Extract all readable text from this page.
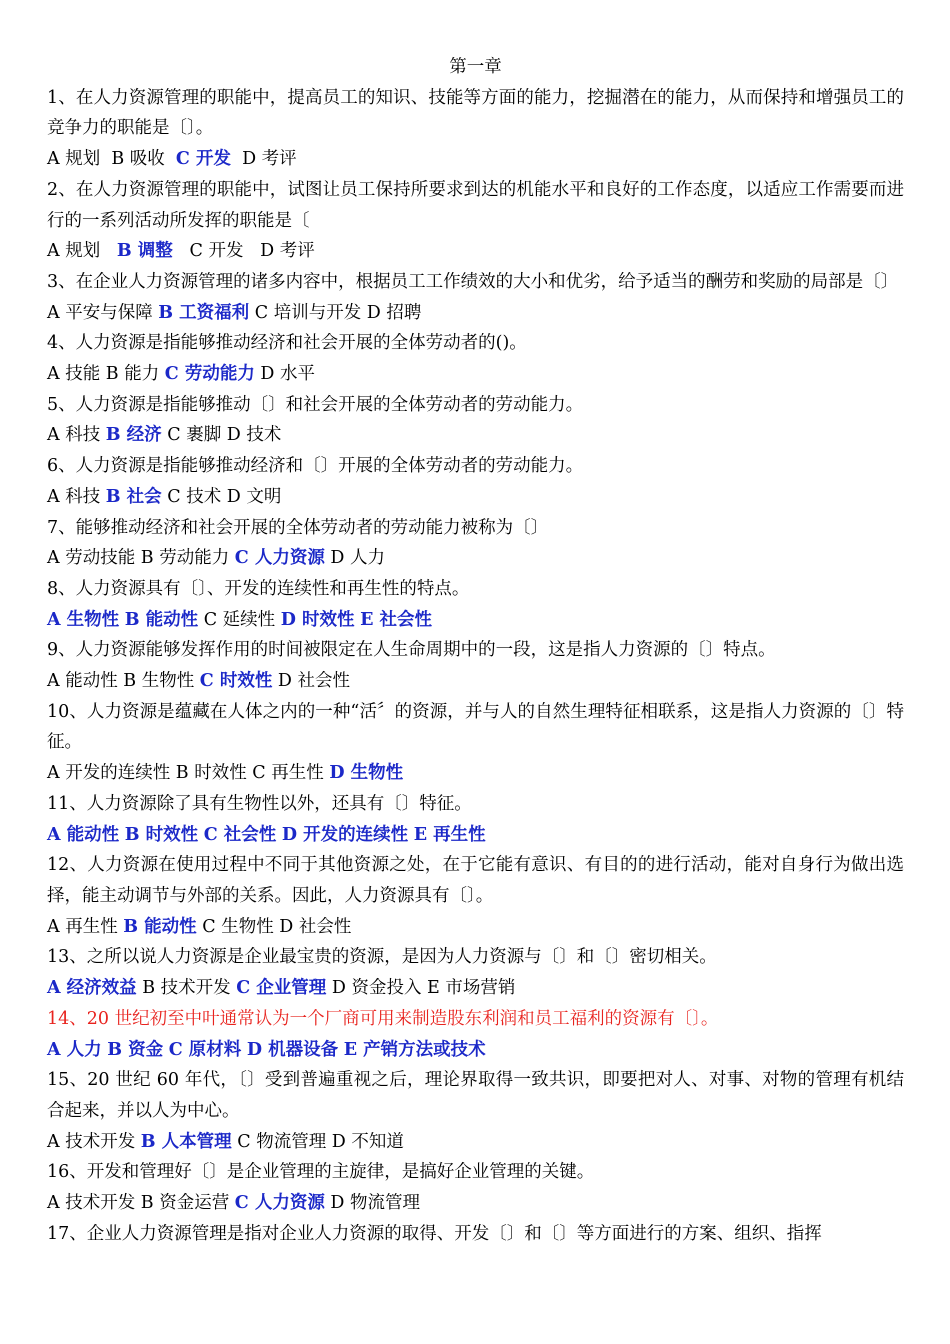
第一章
1、在人力资源管理的职能中，提高员工的知识、技能等方面的能力，挖掘潜在的能力，从而保持和增强员工的竞争力的职能是〔〕。
A 规划 B 吸收 C 开发 D 考评
2、在人力资源管理的职能中，试图让员工保持所要求到达的机能水平和良好的工作态度，以适应工作需要而进行的一系列活动所发挥的职能是〔
A 规划 B 调整 C 开发 D 考评
3、在企业人力资源管理的诸多内容中，根据员工工作绩效的大小和优劣，给予适当的酬劳和奖励的局部是〔〕
A 平安与保障 B 工资福利 C 培训与开发 D 招聘
4、人力资源是指能够推动经济和社会开展的全体劳动者的()。
A 技能 B 能力 C 劳动能力 D 水平
5、人力资源是指能够推动〔〕和社会开展的全体劳动者的劳动能力。
A 科技 B 经济 C 裹脚 D 技术
6、人力资源是指能够推动经济和〔〕开展的全体劳动者的劳动能力。
A 科技 B 社会 C 技术 D 文明
7、能够推动经济和社会开展的全体劳动者的劳动能力被称为〔〕
A 劳动技能 B 劳动能力 C 人力资源 D 人力
8、人力资源具有〔〕、开发的连续性和再生性的特点。
A 生物性 B 能动性 C 延续性 D 时效性 E 社会性
9、人力资源能够发挥作用的时间被限定在人生命周期中的一段，这是指人力资源的〔〕特点。
A 能动性 B 生物性 C 时效性 D 社会性
10、人力资源是蕴藏在人体之内的一种“活〞的资源，并与人的自然生理特征相联系，这是指人力资源的〔〕特征。
A 开发的连续性 B 时效性 C 再生性 D 生物性
11、人力资源除了具有生物性以外，还具有〔〕特征。
A 能动性 B 时效性 C 社会性 D 开发的连续性 E 再生性
12、人力资源在使用过程中不同于其他资源之处，在于它能有意识、有目的的进行活动，能对自身行为做出选择，能主动调节与外部的关系。因此，人力资源具有〔〕。
A 再生性 B 能动性 C 生物性 D 社会性
13、之所以说人力资源是企业最宝贵的资源，是因为人力资源与〔〕和〔〕密切相关。
A 经济效益 B 技术开发 C 企业管理 D 资金投入 E 市场营销
14、20 世纪初至中叶通常认为一个厂商可用来制造股东利润和员工福利的资源有〔〕。
A 人力 B 资金 C 原材料 D 机器设备 E 产销方法或技术
15、20 世纪 60 年代，〔〕受到普遍重视之后，理论界取得一致共识，即要把对人、对事、对物的管理有机结合起来，并以人为中心。
A 技术开发 B 人本管理 C 物流管理 D 不知道
16、开发和管理好〔〕是企业管理的主旋律，是搞好企业管理的关键。
A 技术开发 B 资金运营 C 人力资源 D 物流管理
17、企业人力资源管理是指对企业人力资源的取得、开发〔〕和〔〕等方面进行的方案、组织、指挥
